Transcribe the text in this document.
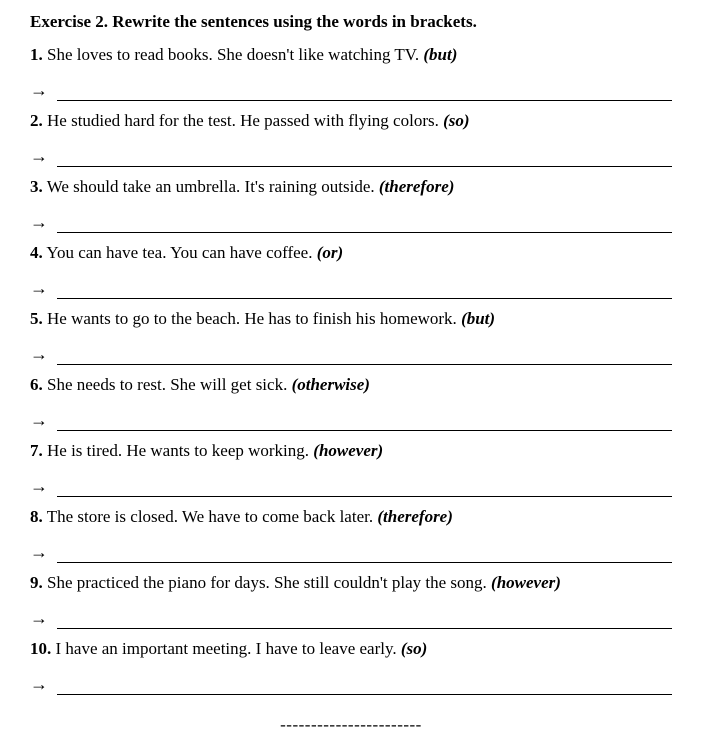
Exercise 2. Rewrite the sentences using the words in brackets.

1. She loves to read books. She doesn't like watching TV. (but)

→

2. He studied hard for the test. He passed with flying colors. (so)

→

3. We should take an umbrella. It's raining outside. (therefore)

→

4. You can have tea. You can have coffee. (or)

→

5. He wants to go to the beach. He has to finish his homework. (but)

→

6. She needs to rest. She will get sick. (otherwise)

→

7. He is tired. He wants to keep working. (however)

→

8. The store is closed. We have to come back later. (therefore)

→

9. She practiced the piano for days. She still couldn't play the song. (however)

→

10. I have an important meeting. I have to leave early. (so)

→

-----------------------
